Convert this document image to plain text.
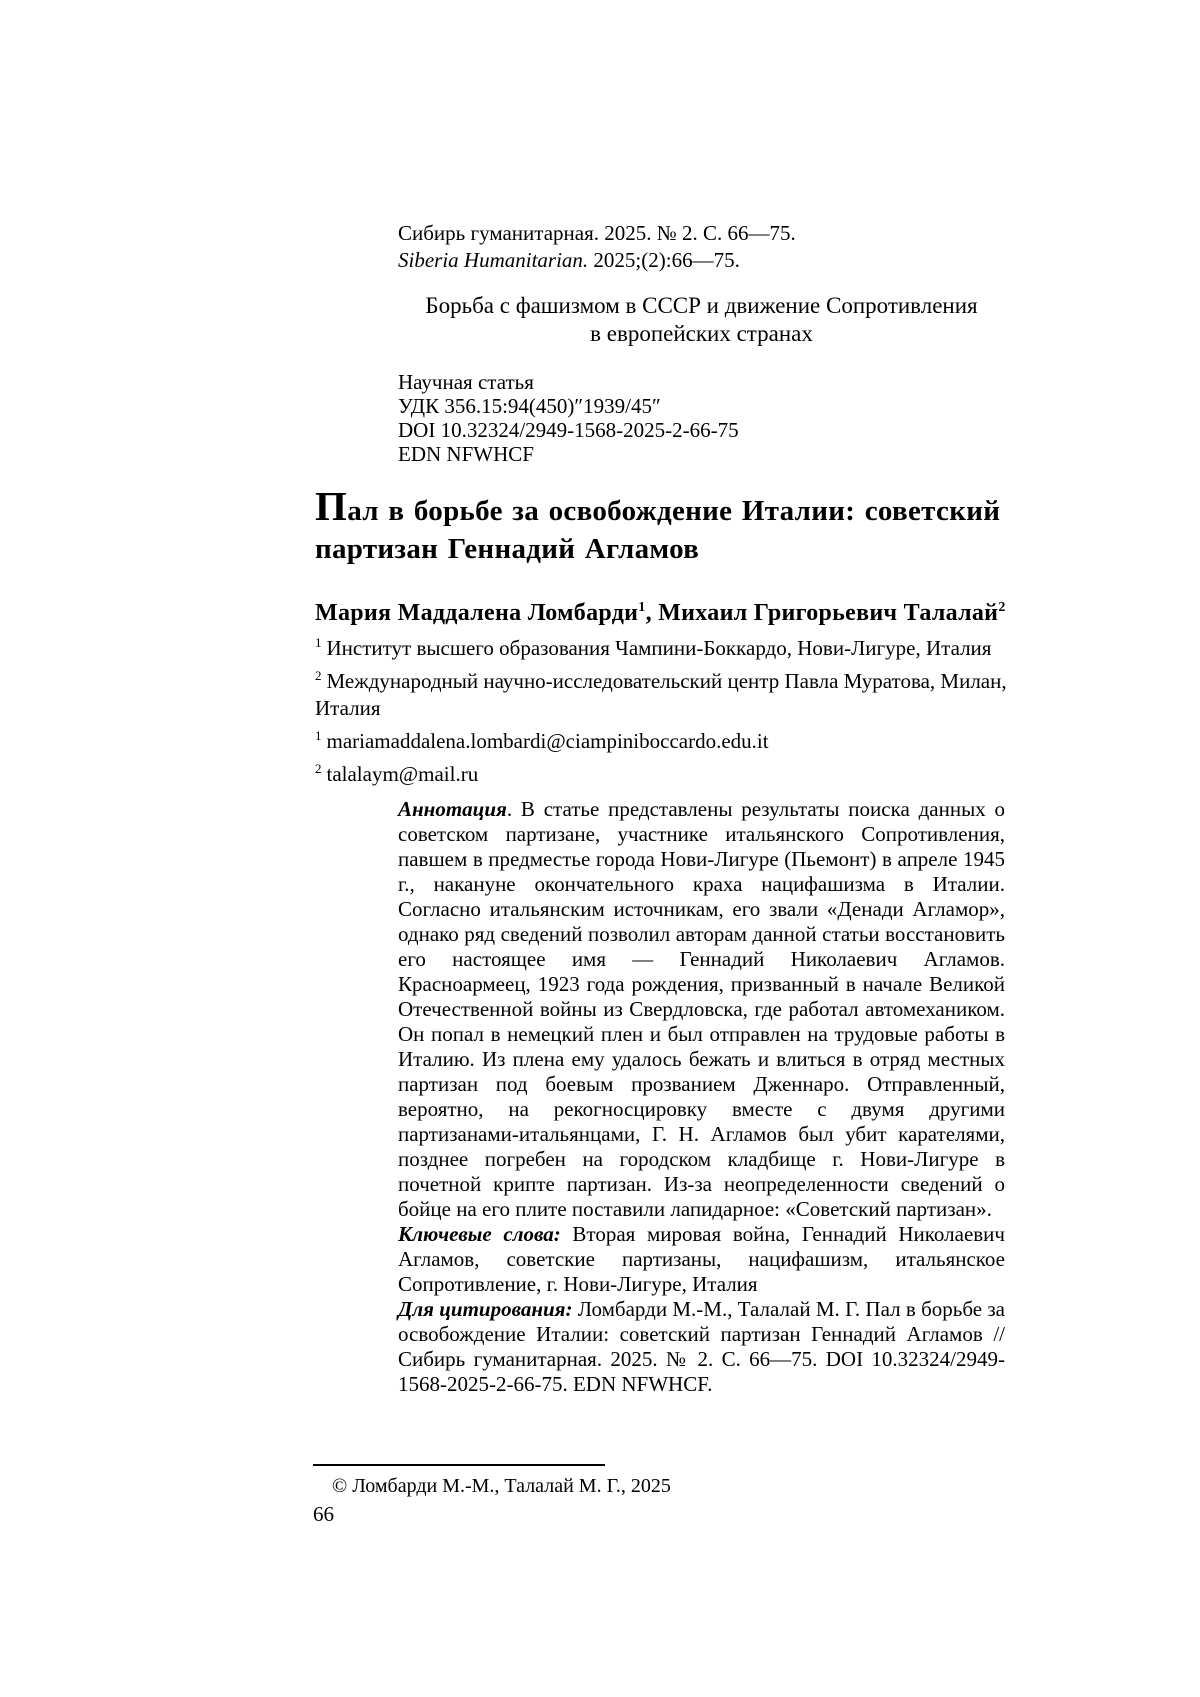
Сибирь гуманитарная. 2025. № 2. С. 66—75.

Siberia Humanitarian. 2025;(2):66—75.

Борьба с фашизмом в СССР и движение Сопротивления

в европейских странах

Научная статья

УДК 356.15:94(450)″1939/45″

DOI 10.32324/2949-1568-2025-2-66-75

EDN NFWHCF

Пал в борьбе за освобождение Италии: советский партизан Геннадий Агламов
Мария Маддалена Ломбарди$^1$, Михаил Григорьевич Талалай$^2$

$^1$ Институт высшего образования Чампини-Боккардо, Нови-Лигуре, Италия

$^2$ Международный научно-исследовательский центр Павла Муратова, Милан, Италия

$^1$ mariamaddalena.lombardi@ciampiniboccardo.edu.it

$^2$ talalaym@mail.ru

Аннотация. В статье представлены результаты поиска данных о советском партизане, участнике итальянского Сопротивления, павшем в предместье города Нови-Лигуре (Пьемонт) в апреле 1945 г., накануне окончательного краха нацифашизма в Италии. Согласно итальянским источникам, его звали «Денади Агламор», однако ряд сведений позволил авторам данной статьи восстановить его настоящее имя — Геннадий Николаевич Агламов. Красноармеец, 1923 года рождения, призванный в начале Великой Отечественной войны из Свердловска, где работал автомехаником. Он попал в немецкий плен и был отправлен на трудовые работы в Италию. Из плена ему удалось бежать и влиться в отряд местных партизан под боевым прозванием Дженнаро. Отправленный, вероятно, на рекогносцировку вместе с двумя другими партизанами-итальянцами, Г. Н. Агламов был убит карателями, позднее погребен на городском кладбище г. Нови-Лигуре в почетной крипте партизан. Из-за неопределенности сведений о бойце на его плите поставили лапидарное: «Советский партизан».

Ключевые слова: Вторая мировая война, Геннадий Николаевич Агламов, советские партизаны, нацифашизм, итальянское Сопротивление, г. Нови-Лигуре, Италия

Для цитирования: Ломбарди М.-М., Талалай М. Г. Пал в борьбе за освобождение Италии: советский партизан Геннадий Агламов // Сибирь гуманитарная. 2025. № 2. С. 66—75. DOI 10.32324/2949-1568-2025-2-66-75. EDN NFWHCF.

© Ломбарди М.-М., Талалай М. Г., 2025

66
